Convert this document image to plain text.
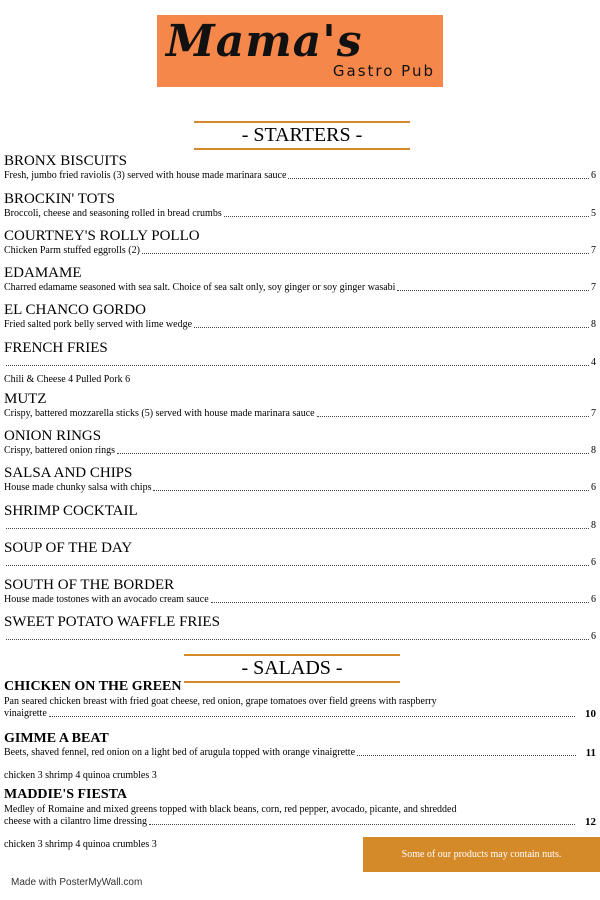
Mama's
Gastro Pub
- STARTERS -
BRONX BISCUITS
Fresh, jumbo fried raviolis (3) served with house made marinara sauce	6
BROCKIN' TOTS
Broccoli, cheese and seasoning rolled in bread crumbs	5
COURTNEY'S ROLLY POLLO
Chicken Parm stuffed eggrolls (2)	7
EDAMAME
Charred edamame seasoned with sea salt. Choice of sea salt only, soy ginger or soy ginger wasabi	7
EL CHANCO GORDO
Fried salted pork belly served with lime wedge	8
FRENCH FRIES
4
Chili & Cheese 4 Pulled Pork 6
MUTZ
Crispy, battered mozzarella sticks (5) served with house made marinara sauce	7
ONION RINGS
Crispy, battered onion rings	8
SALSA AND CHIPS
House made chunky salsa with chips	6
SHRIMP COCKTAIL
8
SOUP OF THE DAY
6
SOUTH OF THE BORDER
House made tostones with an avocado cream sauce	6
SWEET POTATO WAFFLE FRIES
6
- SALADS -
CHICKEN ON THE GREEN
Pan seared chicken breast with fried goat cheese, red onion, grape tomatoes over field greens with raspberry
vinaigrette	10
GIMME A BEAT
Beets, shaved fennel, red onion on a light bed of arugula topped with orange vinaigrette	11
chicken 3 shrimp 4 quinoa crumbles 3
MADDIE'S FIESTA
Medley of Romaine and mixed greens topped with black beans, corn, red pepper, avocado, picante, and shredded
cheese with a cilantro lime dressing	12
chicken 3 shrimp 4 quinoa crumbles 3
Some of our products may contain nuts.
Made with PosterMyWall.com
